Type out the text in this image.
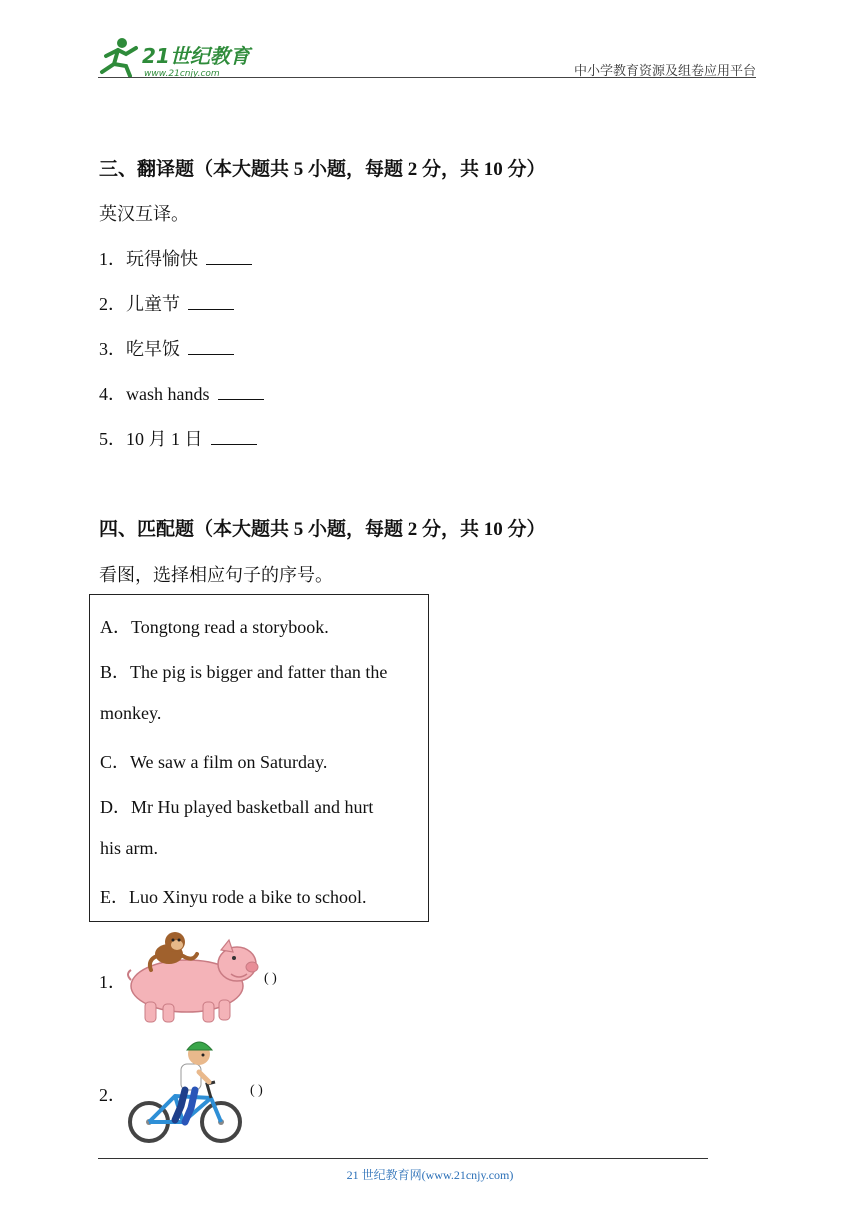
21世纪教育
www.21cnjy.com	中小学教育资源及组卷应用平台
三、翻译题（本大题共 5 小题，每题 2 分，共 10 分）
英汉互译。
1．玩得愉快
2．儿童节
3．吃早饭
4．wash hands
5．10 月 1 日
四、匹配题（本大题共 5 小题，每题 2 分，共 10 分）
看图，选择相应句子的序号。
A．Tongtong read a storybook.
B．The pig is bigger and fatter than the
monkey.
C．We saw a film on Saturday.
D．Mr Hu played basketball and hurt
his arm.
E．Luo Xinyu rode a bike to school.
1．	( )
2．	( )
21 世纪教育网(www.21cnjy.com)
